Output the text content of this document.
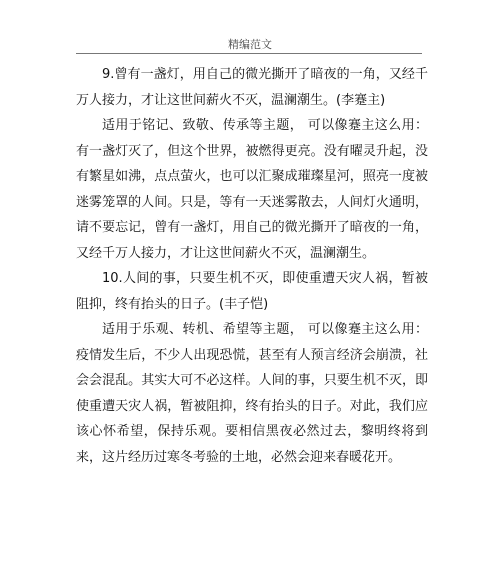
精编范文

9.曾有一盏灯，用自己的微光撕开了暗夜的一角，又经千万人接力，才让这世间薪火不灭，温澜潮生。(李蹇主)

适用于铭记、致敬、传承等主题， 可以像蹇主这么用：有一盏灯灭了，但这个世界，被燃得更亮。没有曜灵升起，没有繁星如沸，点点萤火，也可以汇聚成璀璨星河，照亮一度被迷雾笼罩的人间。只是，等有一天迷雾散去，人间灯火通明，请不要忘记，曾有一盏灯，用自己的微光撕开了暗夜的一角，又经千万人接力，才让这世间薪火不灭，温澜潮生。

10.人间的事，只要生机不灭，即使重遭天灾人祸，暂被阻抑，终有抬头的日子。(丰子恺)

适用于乐观、转机、希望等主题， 可以像蹇主这么用：疫情发生后，不少人出现恐慌，甚至有人预言经济会崩溃，社会会混乱。其实大可不必这样。人间的事，只要生机不灭，即使重遭天灾人祸，暂被阻抑，终有抬头的日子。对此，我们应该心怀希望，保持乐观。要相信黑夜必然过去，黎明终将到来，这片经历过寒冬考验的土地，必然会迎来春暖花开。
